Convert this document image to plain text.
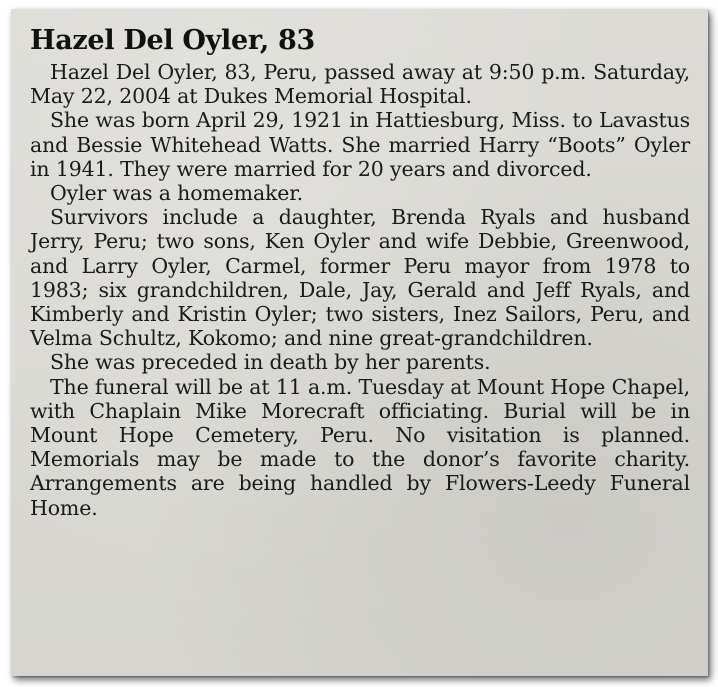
Hazel Del Oyler, 83

Hazel Del Oyler, 83, Peru, passed away at 9:50 p.m. Saturday, May 22, 2004 at Dukes Memorial Hospital.

She was born April 29, 1921 in Hattiesburg, Miss. to Lavastus and Bessie Whitehead Watts. She married Harry “Boots” Oyler in 1941. They were married for 20 years and divorced.

Oyler was a homemaker.

Survivors include a daughter, Brenda Ryals and husband Jerry, Peru; two sons, Ken Oyler and wife Debbie, Greenwood, and Larry Oyler, Carmel, former Peru mayor from 1978 to 1983; six grandchildren, Dale, Jay, Gerald and Jeff Ryals, and Kimberly and Kristin Oyler; two sisters, Inez Sailors, Peru, and Velma Schultz, Kokomo; and nine great-grandchildren.

She was preceded in death by her parents.

The funeral will be at 11 a.m. Tuesday at Mount Hope Chapel, with Chaplain Mike Morecraft officiating. Burial will be in Mount Hope Cemetery, Peru. No visitation is planned. Memorials may be made to the donor’s favorite charity. Arrangements are being handled by Flowers-Leedy Funeral Home.
